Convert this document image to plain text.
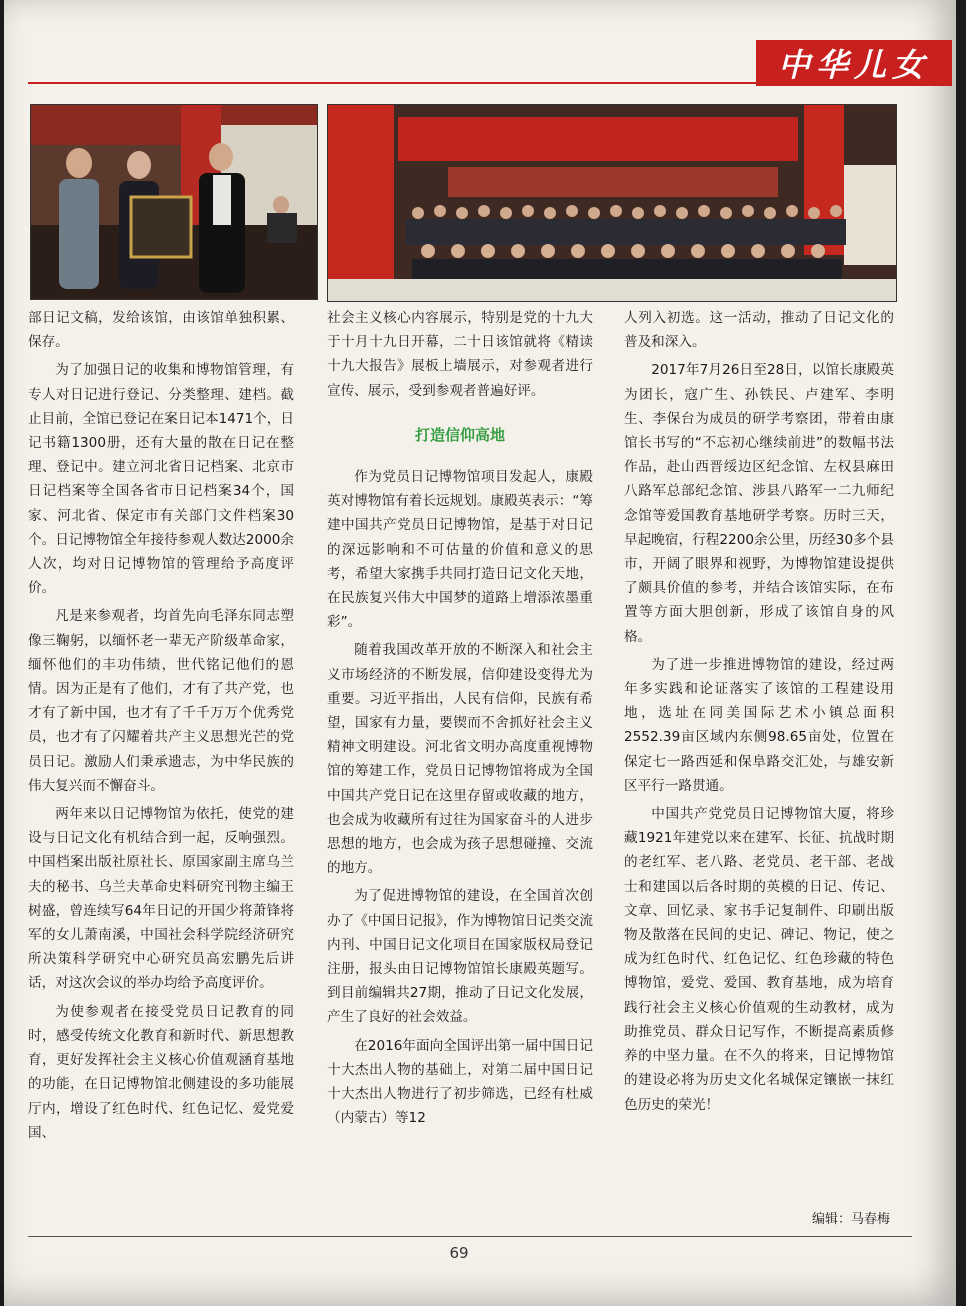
中华儿女

部日记文稿，发给该馆，由该馆单独积累、保存。

为了加强日记的收集和博物馆管理，有专人对日记进行登记、分类整理、建档。截止目前，全馆已登记在案日记本1471个，日记书籍1300册，还有大量的散在日记在整理、登记中。建立河北省日记档案、北京市日记档案等全国各省市日记档案34个，国家、河北省、保定市有关部门文件档案30个。日记博物馆全年接待参观人数达2000余人次，均对日记博物馆的管理给予高度评价。

凡是来参观者，均首先向毛泽东同志塑像三鞠躬，以缅怀老一辈无产阶级革命家，缅怀他们的丰功伟绩，世代铭记他们的恩情。因为正是有了他们，才有了共产党，也才有了新中国，也才有了千千万万个优秀党员，也才有了闪耀着共产主义思想光芒的党员日记。激励人们秉承遗志，为中华民族的伟大复兴而不懈奋斗。

两年来以日记博物馆为依托，使党的建设与日记文化有机结合到一起，反响强烈。中国档案出版社原社长、原国家副主席乌兰夫的秘书、乌兰夫革命史料研究刊物主编王树盛，曾连续写64年日记的开国少将萧锋将军的女儿萧南溪，中国社会科学院经济研究所决策科学研究中心研究员高宏鹏先后讲话，对这次会议的举办均给予高度评价。

为使参观者在接受党员日记教育的同时，感受传统文化教育和新时代、新思想教育，更好发挥社会主义核心价值观涵育基地的功能，在日记博物馆北侧建设的多功能展厅内，增设了红色时代、红色记忆、爱党爱国、

社会主义核心内容展示，特别是党的十九大于十月十九日开幕，二十日该馆就将《精读十九大报告》展板上墙展示，对参观者进行宣传、展示，受到参观者普遍好评。

打造信仰高地

作为党员日记博物馆项目发起人，康殿英对博物馆有着长远规划。康殿英表示：“筹建中国共产党员日记博物馆，是基于对日记的深远影响和不可估量的价值和意义的思考，希望大家携手共同打造日记文化天地，在民族复兴伟大中国梦的道路上增添浓墨重彩”。

随着我国改革开放的不断深入和社会主义市场经济的不断发展，信仰建设变得尤为重要。习近平指出，人民有信仰，民族有希望，国家有力量，要锲而不舍抓好社会主义精神文明建设。河北省文明办高度重视博物馆的筹建工作，党员日记博物馆将成为全国中国共产党日记在这里存留或收藏的地方，也会成为收藏所有过往为国家奋斗的人进步思想的地方，也会成为孩子思想碰撞、交流的地方。

为了促进博物馆的建设，在全国首次创办了《中国日记报》，作为博物馆日记类交流内刊、中国日记文化项目在国家版权局登记注册，报头由日记博物馆馆长康殿英题写。到目前编辑共27期，推动了日记文化发展，产生了良好的社会效益。

在2016年面向全国评出第一届中国日记十大杰出人物的基础上，对第二届中国日记十大杰出人物进行了初步筛选，已经有杜威（内蒙古）等12

人列入初选。这一活动，推动了日记文化的普及和深入。

2017年7月26日至28日，以馆长康殿英为团长，寇广生、孙铁民、卢建军、李明生、李保台为成员的研学考察团，带着由康馆长书写的“不忘初心继续前进”的数幅书法作品，赴山西晋绥边区纪念馆、左权县麻田八路军总部纪念馆、涉县八路军一二九师纪念馆等爱国教育基地研学考察。历时三天，早起晚宿，行程2200余公里，历经30多个县市，开阔了眼界和视野，为博物馆建设提供了颇具价值的参考，并结合该馆实际，在布置等方面大胆创新，形成了该馆自身的风格。

为了进一步推进博物馆的建设，经过两年多实践和论证落实了该馆的工程建设用地，选址在同美国际艺术小镇总面积2552.39亩区域内东侧98.65亩处，位置在保定七一路西延和保阜路交汇处，与雄安新区平行一路贯通。

中国共产党党员日记博物馆大厦，将珍藏1921年建党以来在建军、长征、抗战时期的老红军、老八路、老党员、老干部、老战士和建国以后各时期的英模的日记、传记、文章、回忆录、家书手记复制件、印刷出版物及散落在民间的史记、碑记、物记，使之成为红色时代、红色记忆、红色珍藏的特色博物馆，爱党、爱国、教育基地，成为培育践行社会主义核心价值观的生动教材，成为助推党员、群众日记写作，不断提高素质修养的中坚力量。在不久的将来，日记博物馆的建设必将为历史文化名城保定镶嵌一抹红色历史的荣光！

编辑：马春梅
69
